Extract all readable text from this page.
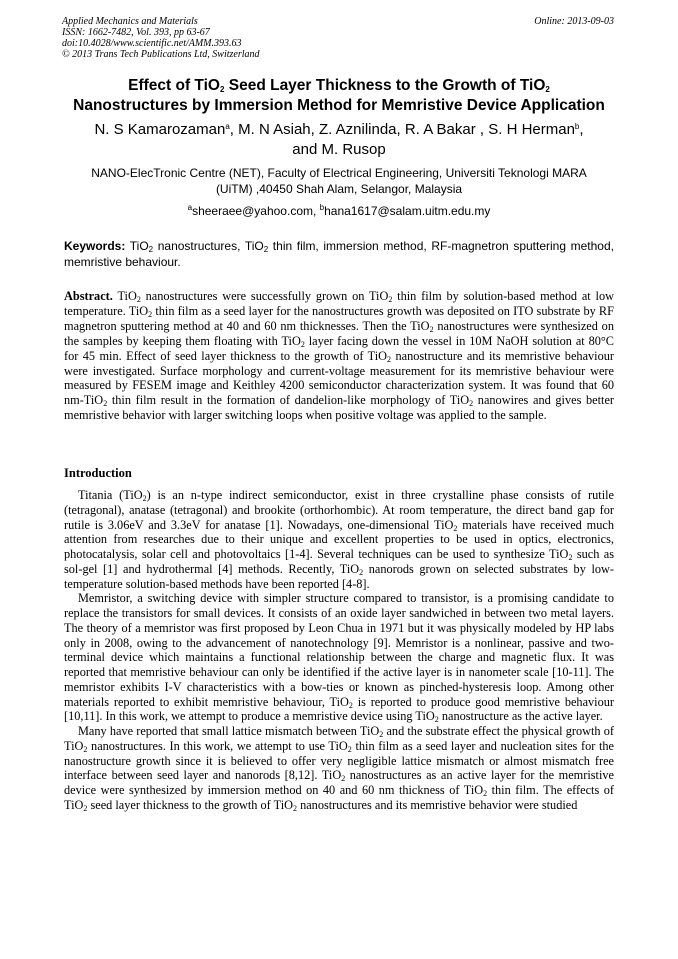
Applied Mechanics and Materials
ISSN: 1662-7482, Vol. 393, pp 63-67
doi:10.4028/www.scientific.net/AMM.393.63
© 2013 Trans Tech Publications Ltd, Switzerland
Online: 2013-09-03
Effect of TiO$_2$ Seed Layer Thickness to the Growth of TiO$_2$
Nanostructures by Immersion Method for Memristive Device Application
N. S Kamarozaman$^a$, M. N Asiah, Z. Aznilinda, R. A Bakar , S. H Herman$^b$,
and M. Rusop
NANO-ElecTronic Centre (NET), Faculty of Electrical Engineering, Universiti Teknologi MARA
(UiTM) ,40450 Shah Alam, Selangor, Malaysia
$^a$sheeraee@yahoo.com, $^b$hana1617@salam.uitm.edu.my
Keywords: TiO$_2$ nanostructures, TiO$_2$ thin film, immersion method, RF-magnetron sputtering method, memristive behaviour.
Abstract. TiO$_2$ nanostructures were successfully grown on TiO$_2$ thin film by solution-based method at low temperature. TiO$_2$ thin film as a seed layer for the nanostructures growth was deposited on ITO substrate by RF magnetron sputtering method at 40 and 60 nm thicknesses. Then the TiO$_2$ nanostructures were synthesized on the samples by keeping them floating with TiO$_2$ layer facing down the vessel in 10M NaOH solution at 80°C for 45 min. Effect of seed layer thickness to the growth of TiO$_2$ nanostructure and its memristive behaviour were investigated. Surface morphology and current-voltage measurement for its memristive behaviour were measured by FESEM image and Keithley 4200 semiconductor characterization system. It was found that 60 nm-TiO$_2$ thin film result in the formation of dandelion-like morphology of TiO$_2$ nanowires and gives better memristive behavior with larger switching loops when positive voltage was applied to the sample.
Introduction

Titania (TiO$_2$) is an n-type indirect semiconductor, exist in three crystalline phase consists of rutile (tetragonal), anatase (tetragonal) and brookite (orthorhombic). At room temperature, the direct band gap for rutile is 3.06eV and 3.3eV for anatase [1]. Nowadays, one-dimensional TiO$_2$ materials have received much attention from researches due to their unique and excellent properties to be used in optics, electronics, photocatalysis, solar cell and photovoltaics [1-4]. Several techniques can be used to synthesize TiO$_2$ such as sol-gel [1] and hydrothermal [4] methods. Recently, TiO$_2$ nanorods grown on selected substrates by low-temperature solution-based methods have been reported [4-8].

Memristor, a switching device with simpler structure compared to transistor, is a promising candidate to replace the transistors for small devices. It consists of an oxide layer sandwiched in between two metal layers. The theory of a memristor was first proposed by Leon Chua in 1971 but it was physically modeled by HP labs only in 2008, owing to the advancement of nanotechnology [9]. Memristor is a nonlinear, passive and two-terminal device which maintains a functional relationship between the charge and magnetic flux. It was reported that memristive behaviour can only be identified if the active layer is in nanometer scale [10-11]. The memristor exhibits I-V characteristics with a bow-ties or known as pinched-hysteresis loop. Among other materials reported to exhibit memristive behaviour, TiO$_2$ is reported to produce good memristive behaviour [10,11]. In this work, we attempt to produce a memristive device using TiO$_2$ nanostructure as the active layer.

Many have reported that small lattice mismatch between TiO$_2$ and the substrate effect the physical growth of TiO$_2$ nanostructures. In this work, we attempt to use TiO$_2$ thin film as a seed layer and nucleation sites for the nanostructure growth since it is believed to offer very negligible lattice mismatch or almost mismatch free interface between seed layer and nanorods [8,12]. TiO$_2$ nanostructures as an active layer for the memristive device were synthesized by immersion method on 40 and 60 nm thickness of TiO$_2$ thin film. The effects of TiO$_2$ seed layer thickness to the growth of TiO$_2$ nanostructures and its memristive behavior were studied
